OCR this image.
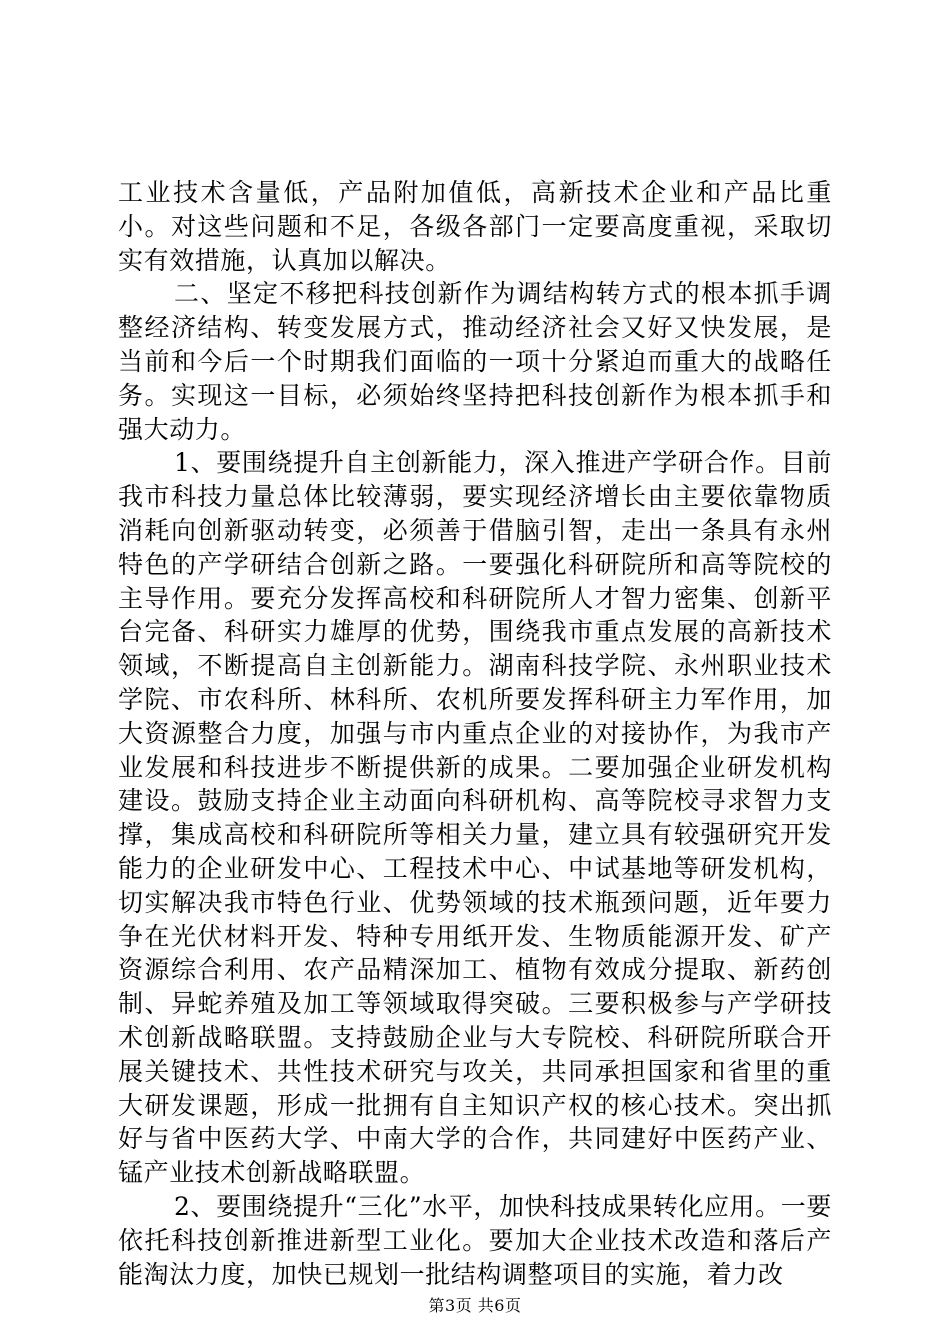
工业技术含量低，产品附加值低，高新技术企业和产品比重小。对这些问题和不足，各级各部门一定要高度重视，采取切实有效措施，认真加以解决。

二、坚定不移把科技创新作为调结构转方式的根本抓手调整经济结构、转变发展方式，推动经济社会又好又快发展，是当前和今后一个时期我们面临的一项十分紧迫而重大的战略任务。实现这一目标，必须始终坚持把科技创新作为根本抓手和强大动力。

1、要围绕提升自主创新能力，深入推进产学研合作。目前我市科技力量总体比较薄弱，要实现经济增长由主要依靠物质消耗向创新驱动转变，必须善于借脑引智，走出一条具有永州特色的产学研结合创新之路。一要强化科研院所和高等院校的主导作用。要充分发挥高校和科研院所人才智力密集、创新平台完备、科研实力雄厚的优势，围绕我市重点发展的高新技术领域，不断提高自主创新能力。湖南科技学院、永州职业技术学院、市农科所、林科所、农机所要发挥科研主力军作用，加大资源整合力度，加强与市内重点企业的对接协作，为我市产业发展和科技进步不断提供新的成果。二要加强企业研发机构建设。鼓励支持企业主动面向科研机构、高等院校寻求智力支撑，集成高校和科研院所等相关力量，建立具有较强研究开发能力的企业研发中心、工程技术中心、中试基地等研发机构，切实解决我市特色行业、优势领域的技术瓶颈问题，近年要力争在光伏材料开发、特种专用纸开发、生物质能源开发、矿产资源综合利用、农产品精深加工、植物有效成分提取、新药创制、异蛇养殖及加工等领域取得突破。三要积极参与产学研技术创新战略联盟。支持鼓励企业与大专院校、科研院所联合开展关键技术、共性技术研究与攻关，共同承担国家和省里的重大研发课题，形成一批拥有自主知识产权的核心技术。突出抓好与省中医药大学、中南大学的合作，共同建好中医药产业、锰产业技术创新战略联盟。

2、要围绕提升“三化”水平，加快科技成果转化应用。一要依托科技创新推进新型工业化。要加大企业技术改造和落后产能淘汰力度，加快已规划一批结构调整项目的实施，着力改

第3页 共6页
